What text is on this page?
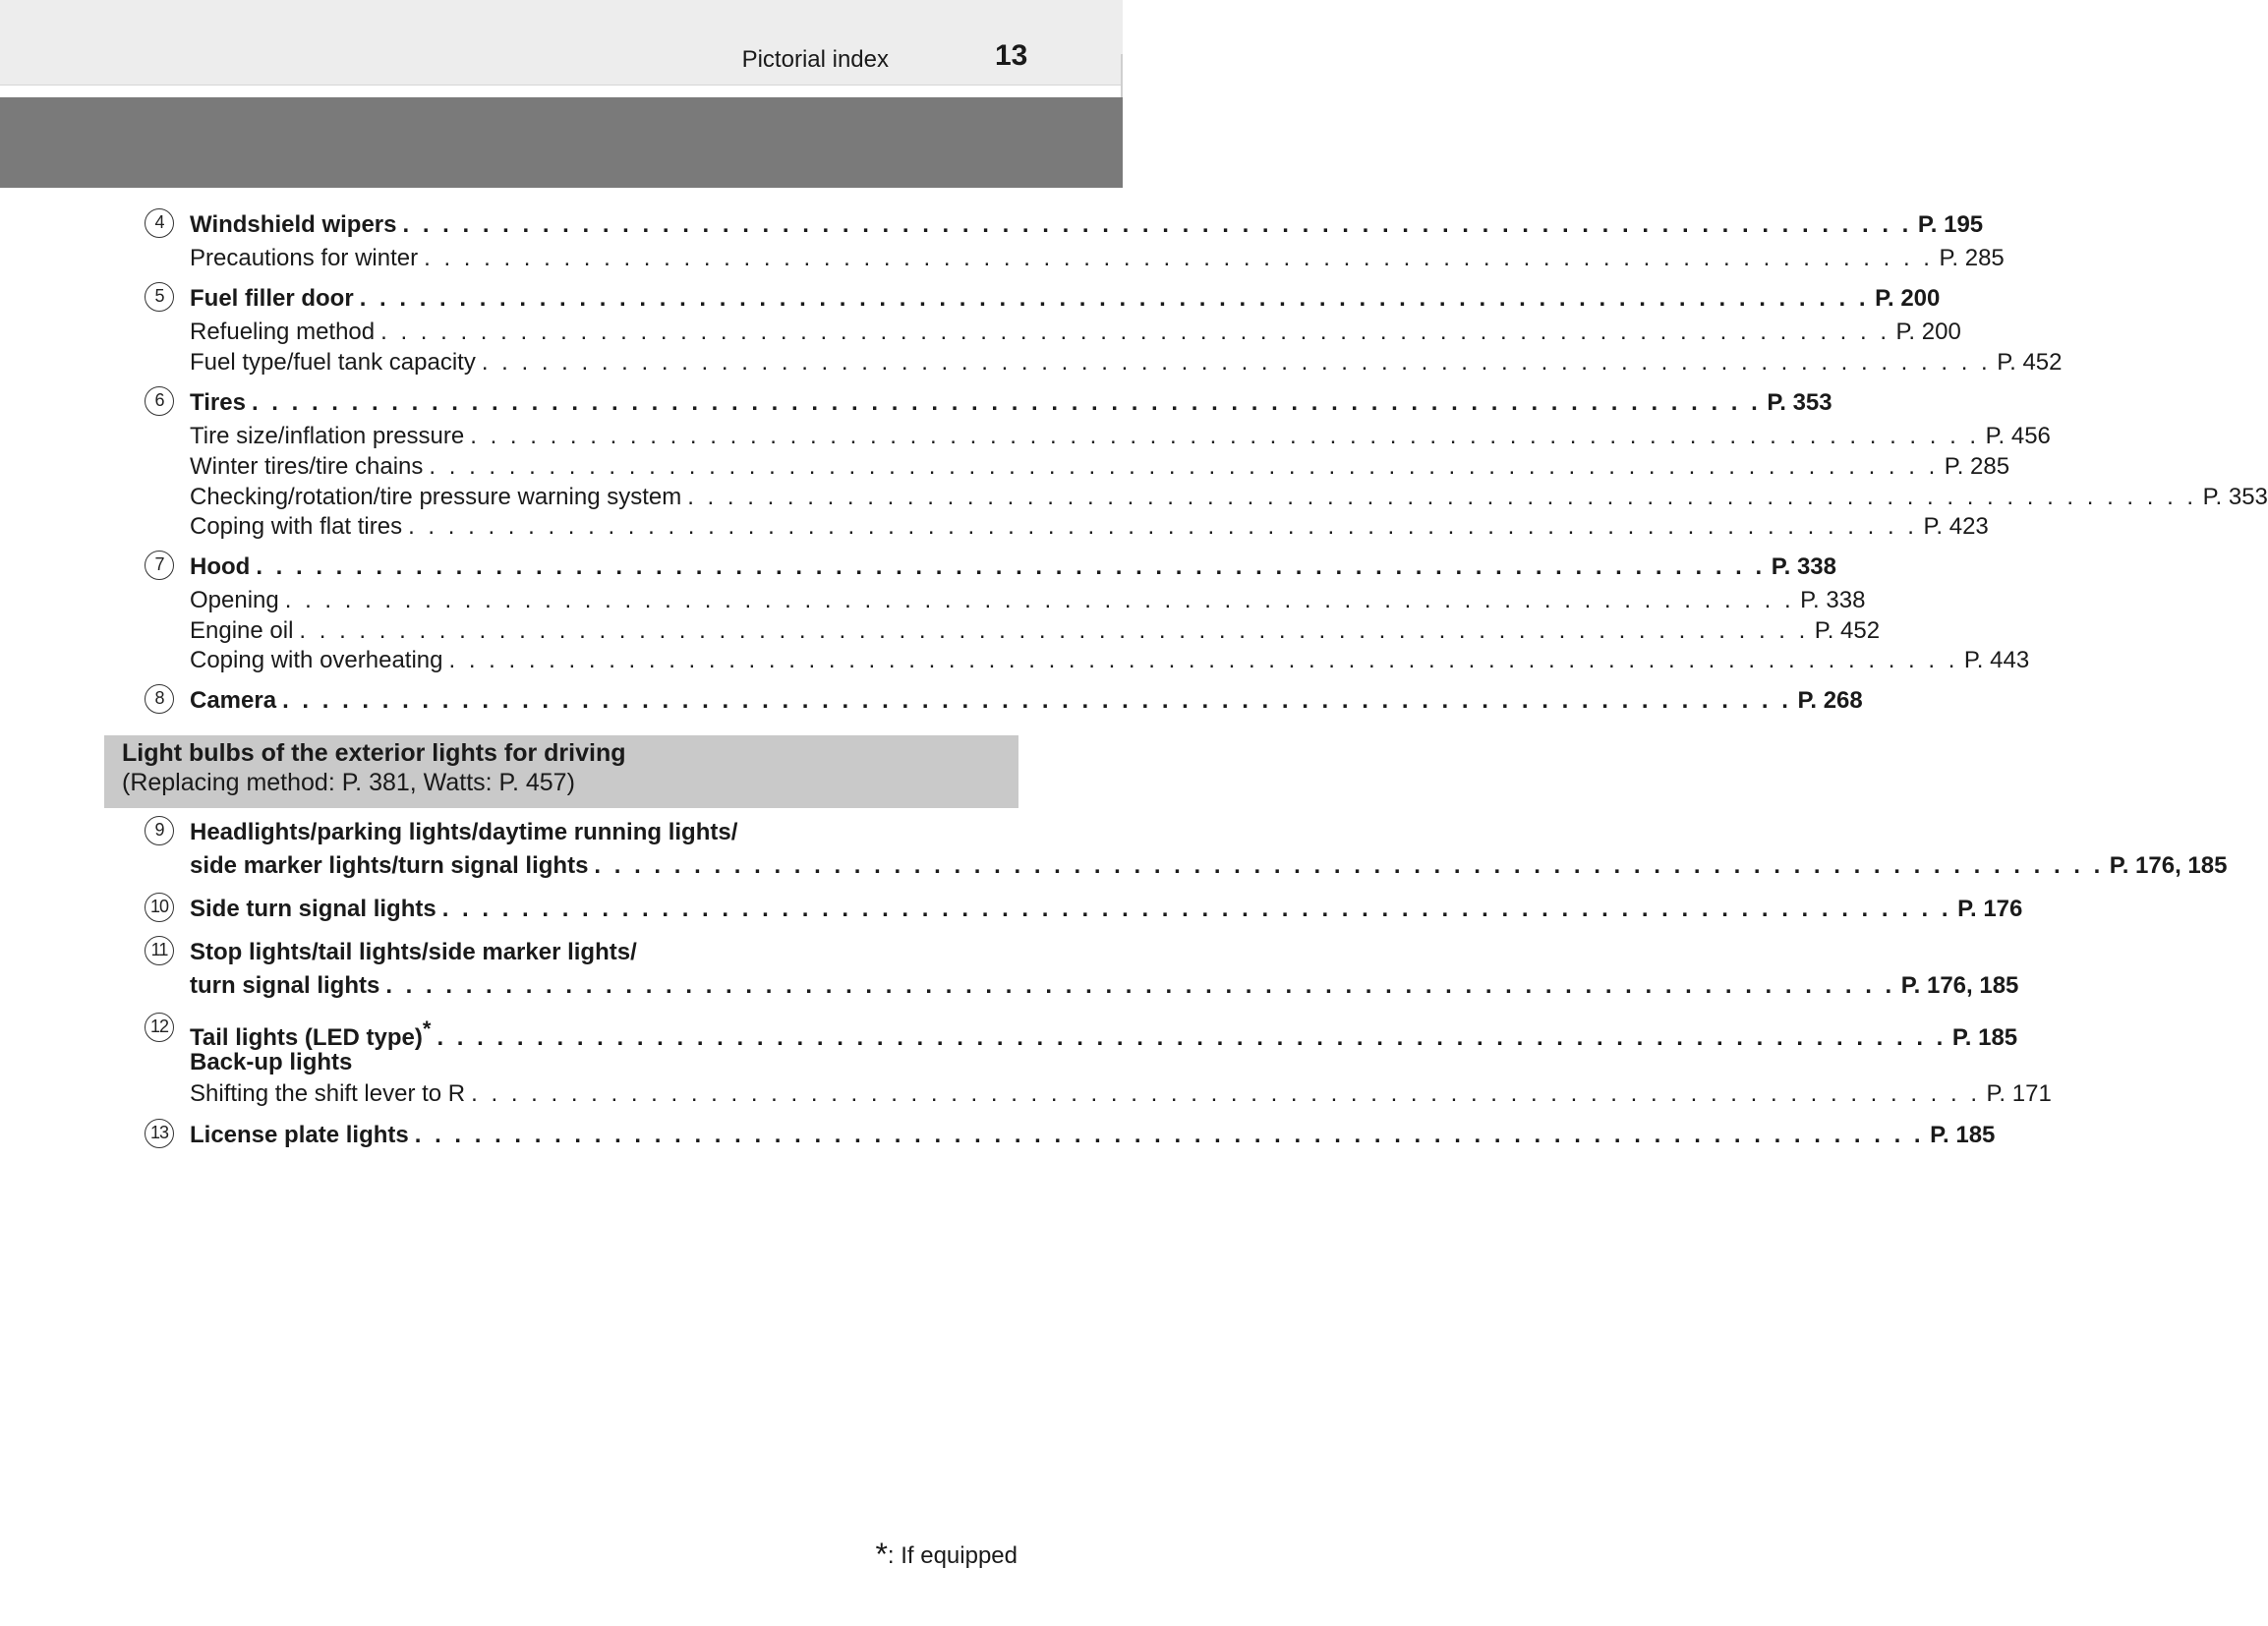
Pictorial index	13
4	Windshield wipers . . . . . . . . . . . . . . . . . . . . . . . . . . . . . . . . . . . . . . . . . . . . . . . . . . . . . . . . . . . . . . . . . . . . . . . . . . . . P. 195
Precautions for winter . . . . . . . . . . . . . . . . . . . . . . . . . . . . . . . . . . . . . . . . . . . . . . . . . . . . . . . . . . . . . . . . . . . . . . . . . . . . P. 285
5	Fuel filler door . . . . . . . . . . . . . . . . . . . . . . . . . . . . . . . . . . . . . . . . . . . . . . . . . . . . . . . . . . . . . . . . . . . . . . . . . . . . P. 200
Refueling method . . . . . . . . . . . . . . . . . . . . . . . . . . . . . . . . . . . . . . . . . . . . . . . . . . . . . . . . . . . . . . . . . . . . . . . . . . . . P. 200
Fuel type/fuel tank capacity . . . . . . . . . . . . . . . . . . . . . . . . . . . . . . . . . . . . . . . . . . . . . . . . . . . . . . . . . . . . . . . . . . . . . . . . . . . . P. 452
6	Tires . . . . . . . . . . . . . . . . . . . . . . . . . . . . . . . . . . . . . . . . . . . . . . . . . . . . . . . . . . . . . . . . . . . . . . . . . . . . P. 353
Tire size/inflation pressure . . . . . . . . . . . . . . . . . . . . . . . . . . . . . . . . . . . . . . . . . . . . . . . . . . . . . . . . . . . . . . . . . . . . . . . . . . . . P. 456
Winter tires/tire chains . . . . . . . . . . . . . . . . . . . . . . . . . . . . . . . . . . . . . . . . . . . . . . . . . . . . . . . . . . . . . . . . . . . . . . . . . . . . P. 285
Checking/rotation/tire pressure warning system . . . . . . . . . . . . . . . . . . . . . . . . . . . . . . . . . . . . . . . . . . . . . . . . . . . . . . . . . . . . . . . . . . . . . . . . . . . . P. 353
Coping with flat tires . . . . . . . . . . . . . . . . . . . . . . . . . . . . . . . . . . . . . . . . . . . . . . . . . . . . . . . . . . . . . . . . . . . . . . . . . . . . P. 423
7	Hood . . . . . . . . . . . . . . . . . . . . . . . . . . . . . . . . . . . . . . . . . . . . . . . . . . . . . . . . . . . . . . . . . . . . . . . . . . . . P. 338
Opening . . . . . . . . . . . . . . . . . . . . . . . . . . . . . . . . . . . . . . . . . . . . . . . . . . . . . . . . . . . . . . . . . . . . . . . . . . . . P. 338
Engine oil . . . . . . . . . . . . . . . . . . . . . . . . . . . . . . . . . . . . . . . . . . . . . . . . . . . . . . . . . . . . . . . . . . . . . . . . . . . . P. 452
Coping with overheating . . . . . . . . . . . . . . . . . . . . . . . . . . . . . . . . . . . . . . . . . . . . . . . . . . . . . . . . . . . . . . . . . . . . . . . . . . . . P. 443
8	Camera . . . . . . . . . . . . . . . . . . . . . . . . . . . . . . . . . . . . . . . . . . . . . . . . . . . . . . . . . . . . . . . . . . . . . . . . . . . . P. 268
Light bulbs of the exterior lights for driving
(Replacing method: P. 381, Watts: P. 457)
9	Headlights/parking lights/daytime running lights/
side marker lights/turn signal lights . . . . . . . . . . . . . . . . . . . . . . . . . . . . . . . . . . . . . . . . . . . . . . . . . . . . . . . . . . . . . . . . . . . . . . . . . . . . P. 176, 185
10 Side turn signal lights . . . . . . . . . . . . . . . . . . . . . . . . . . . . . . . . . . . . . . . . . . . . . . . . . . . . . . . . . . . . . . . . . . . . . . . . . . . . P. 176
11 Stop lights/tail lights/side marker lights/
turn signal lights . . . . . . . . . . . . . . . . . . . . . . . . . . . . . . . . . . . . . . . . . . . . . . . . . . . . . . . . . . . . . . . . . . . . . . . . . . . . P. 176, 185
12 Tail lights (LED type)* . . . . . . . . . . . . . . . . . . . . . . . . . . . . . . . . . . . . . . . . . . . . . . . . . . . . . . . . . . . . . . . . . . . . . . . . . . . . P. 185
Back-up lights
Shifting the shift lever to R . . . . . . . . . . . . . . . . . . . . . . . . . . . . . . . . . . . . . . . . . . . . . . . . . . . . . . . . . . . . . . . . . . . . . . . . . . . . P. 171
13 License plate lights . . . . . . . . . . . . . . . . . . . . . . . . . . . . . . . . . . . . . . . . . . . . . . . . . . . . . . . . . . . . . . . . . . . . . . . . . . . . P. 185
*: If equipped
